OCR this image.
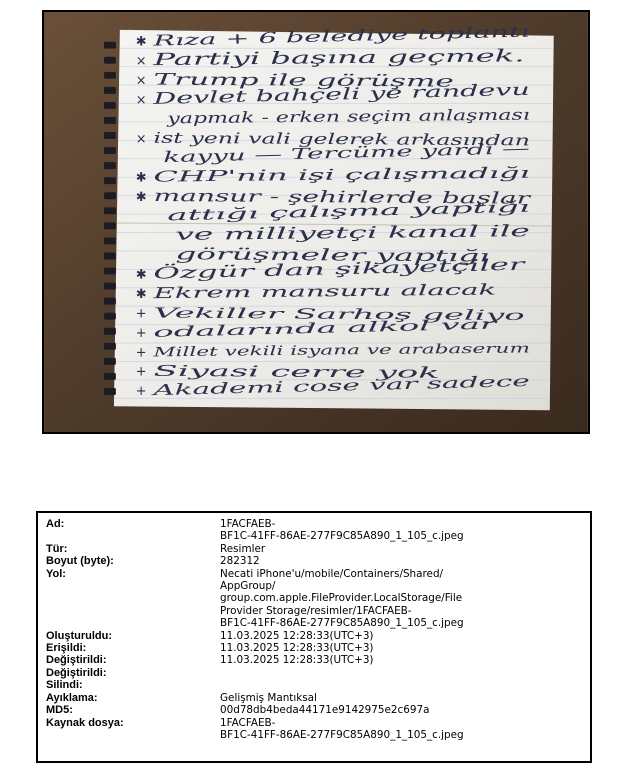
✱ Rıza + 6 belediye toplantı
× Partiyi başına geçmek.
× Trump ile görüşme
× Devlet bahçeli ye randevu
yapmak - erken seçim anlaşması
× ist yeni vali gelerek arkasından
kayyu — Tercüme yardı —
✱ CHP'nin işi çalışmadığı
✱ mansur - şehirlerde başlar
attığı çalışma yaptığı
ve milliyetçi kanal ile
görüşmeler yaptığı
✱ Özgür dan şikayetçiler
✱ Ekrem mansuru alacak
+ Vekiller Sarhoş geliyo
+ odalarında alkol var
+ Millet vekili isyana ve arabaserum
+ Siyasi cerre yok
+ Akademi cose var sadece
Ad:	1FACFAEB-
BF1C-41FF-86AE-277F9C85A890_1_105_c.jpeg
Tür:	Resimler
Boyut (byte):	282312
Yol:	Necati iPhone'u/mobile/Containers/Shared/
AppGroup/
group.com.apple.FileProvider.LocalStorage/File
Provider Storage/resimler/1FACFAEB-
BF1C-41FF-86AE-277F9C85A890_1_105_c.jpeg
Oluşturuldu:	11.03.2025 12:28:33(UTC+3)
Erişildi:	11.03.2025 12:28:33(UTC+3)
Değiştirildi:	11.03.2025 12:28:33(UTC+3)
Değiştirildi:
Silindi:
Ayıklama:	Gelişmiş Mantıksal
MD5:	00d78db4beda44171e9142975e2c697a
Kaynak dosya:	1FACFAEB-
BF1C-41FF-86AE-277F9C85A890_1_105_c.jpeg
